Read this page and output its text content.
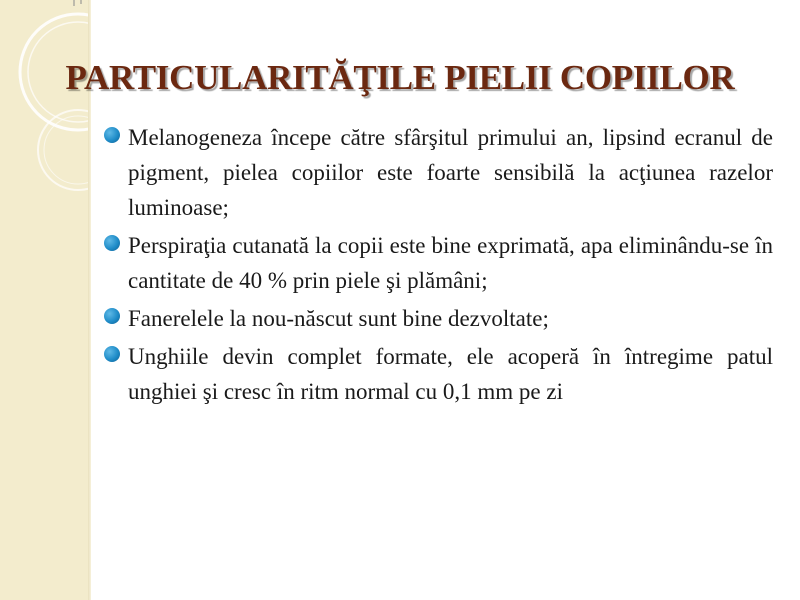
PARTICULARITĂŢILE PIELII COPIILOR
Melanogeneza începe către sfârşitul primului an, lipsind ecranul de pigment, pielea copiilor este foarte sensibilă la acţiunea razelor luminoase;
Perspiraţia cutanată la copii este bine exprimată, apa eliminându-se în cantitate de 40 % prin piele şi plămâni;
Fanerelele la nou-născut sunt bine dezvoltate;
Unghiile devin complet formate, ele acoperă în întregime patul unghiei şi cresc în ritm normal cu 0,1 mm pe zi
